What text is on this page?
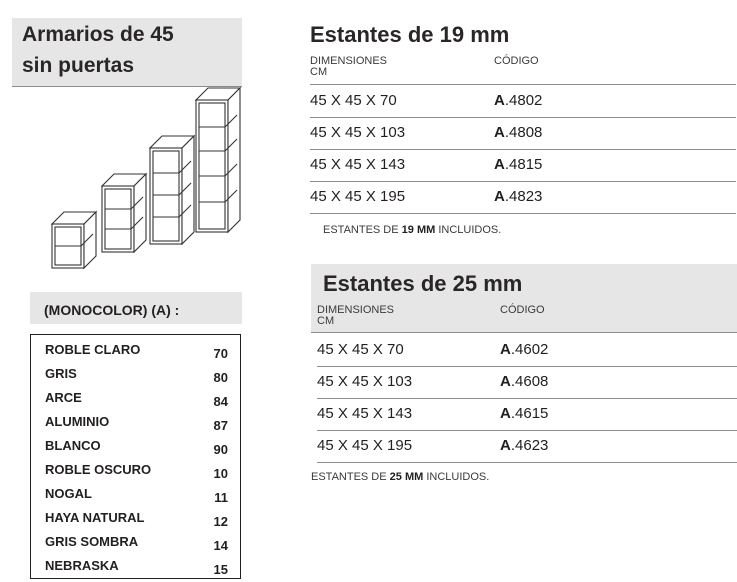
Armarios de 45
sin puertas
(MONOCOLOR) (A) :
ROBLE CLARO	70
GRIS	80
ARCE	84
ALUMINIO	87
BLANCO	90
ROBLE OSCURO	10
NOGAL	11
HAYA NATURAL	12
GRIS SOMBRA	14
NEBRASKA	15
Estantes de 19 mm
DIMENSIONES
CM
CÓDIGO
45 X 45 X 70	A.4802
45 X 45 X 103	A.4808
45 X 45 X 143	A.4815
45 X 45 X 195	A.4823
ESTANTES DE 19 MM INCLUIDOS.
Estantes de 25 mm
DIMENSIONES
CM
CÓDIGO
45 X 45 X 70	A.4602
45 X 45 X 103	A.4608
45 X 45 X 143	A.4615
45 X 45 X 195	A.4623
ESTANTES DE 25 MM INCLUIDOS.
